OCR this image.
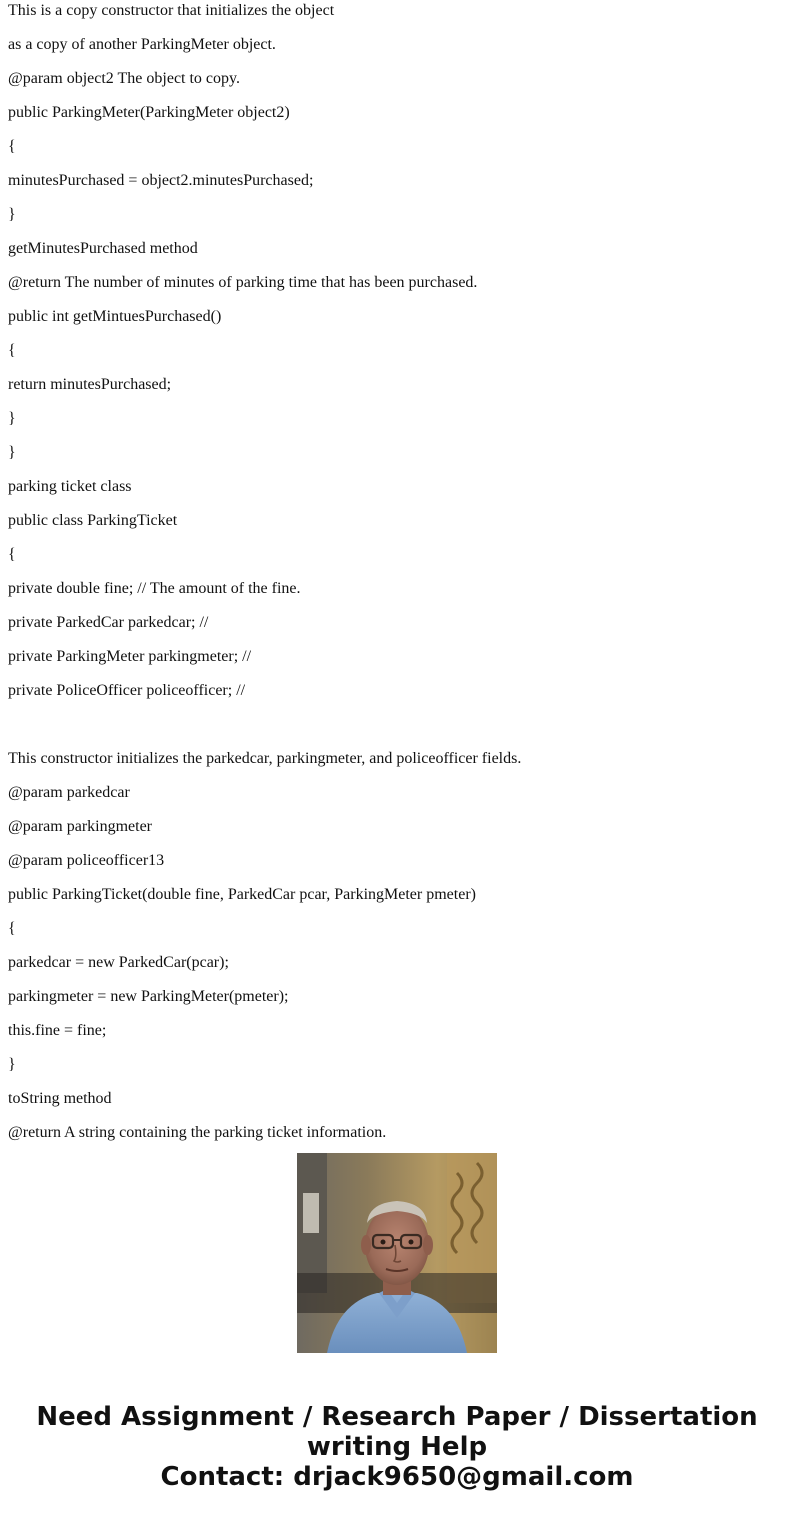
This is a copy constructor that initializes the object
as a copy of another ParkingMeter object.
@param object2 The object to copy.
public ParkingMeter(ParkingMeter object2)
{
minutesPurchased = object2.minutesPurchased;
}
getMinutesPurchased method
@return The number of minutes of parking time that has been purchased.
public int getMintuesPurchased()
{
return minutesPurchased;
}
}
parking ticket class
public class ParkingTicket
{
private double fine; // The amount of the fine.
private ParkedCar parkedcar; //
private ParkingMeter parkingmeter; //
private PoliceOfficer policeofficer; //
This constructor initializes the parkedcar, parkingmeter, and policeofficer fields.
@param parkedcar
@param parkingmeter
@param policeofficer13
public ParkingTicket(double fine, ParkedCar pcar, ParkingMeter pmeter)
{
parkedcar = new ParkedCar(pcar);
parkingmeter = new ParkingMeter(pmeter);
this.fine = fine;
}
toString method
@return A string containing the parking ticket information.
Need Assignment / Research Paper / Dissertation
writing Help
Contact: drjack9650@gmail.com
